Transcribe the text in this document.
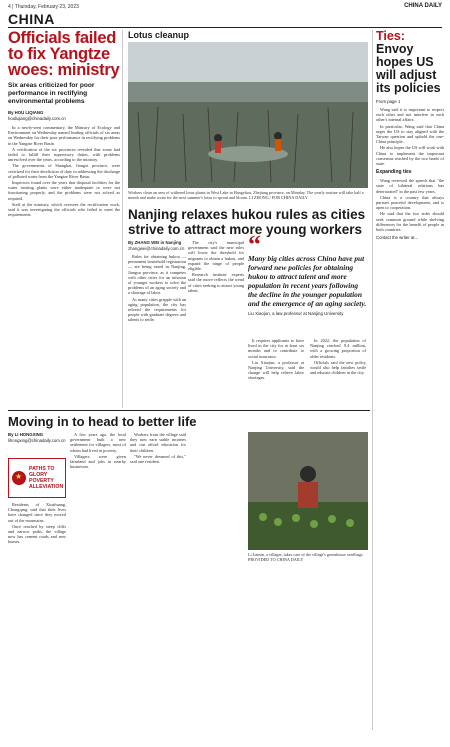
4 | Thursday, February 23, 2023	CHINA DAILY
CHINA
Officials failed to fix Yangtze woes: ministry
Six areas criticized for poor performance in rectifying environmental problems
By HOU LIQIANG
houliqiang@chinadaily.com.cn

In a newly-seen commentary, the Ministry of Ecology and Environment on Wednesday named leading officials of six areas on Wednesday for their poor performance in rectifying problems in the Yangtze River Basin.

A verification of the six provinces revealed that some had failed to fulfill their supervisory duties, with problems unresolved over the years, according to the ministry.

The governments of Shanghai, Jiangxi province, were criticized for their dereliction of duty in addressing the discharge of polluted water from the Yangtze River Basin.

Inspectors found over the years that disposal facilities for the water treating plants were either inadequate or were not functioning properly, and the problems were not solved as required.

Staff at the ministry, which oversees the rectification work, said it was investigating the officials who failed to meet the requirements.

Lotus cleanup
Workers clean an area of withered lotus plants in West Lake in Hangzhou, Zhejiang province, on Monday. The yearly routine will take half a month and make room for the next summer's lotus to sprout and bloom. LI ZHONG / FOR CHINA DAILY
Nanjing relaxes hukou rules as cities strive to attract more young workers
By ZHANG WEI in Nanjing
zhangwei@chinadaily.com.cn

Rules for obtaining hukou — permanent household registration — are being eased in Nanjing, Jiangsu province, as it competes with other cities for an infusion of younger workers to solve the problems of an aging society and a shortage of labor.

As many cities grapple with an aging population, the city has relaxed the requirements for people with graduate degrees and talents to settle.

The city's municipal government said the new rules will lower the threshold for migrants to obtain a hukou, and expand the range of people eligible.

Research institute experts said the move reflects the trend of cities seeking to attract young talent.

“
Many big cities across China have put forward new policies for obtaining hukou to attract talent and more population in recent years following the decline in the younger population and the emergence of an aging society.
Liu Xiaojun, a law professor at Nanjing University

It requires applicants to have lived in the city for at least six months and to contribute to social insurance.

Liu Xiaojun, a professor at Nanjing University, said the change will help relieve labor shortages.

In 2022, the population of Nanjing reached 9.4 million, with a growing proportion of older residents.

Officials said the new policy would also help families settle and educate children in the city.

Ties: Envoy hopes US will adjust its policies
From page 1

Wang said it is important to respect each other and not interfere in each other's internal affairs.

In particular, Wang said that China urges the US to stay aligned with the Taiwan question and uphold the one-China principle.

He also hopes the US will work with China to implement the important consensus reached by the two heads of state.

Expanding ties

Wang reviewed the speech that "the state of bilateral relations has deteriorated" in the past few years.

China is a country that always pursues peaceful development, and is open to cooperation.

He said that the two sides should seek common ground while shelving differences for the benefit of people in both countries.

Contact the writer at...
Moving in to head to better life
By LI HONGXING
lihongxing@chinadaily.com.cn
★
PATHS TO GLORY POVERTY ALLEVIATION

Residents of Xiuzhuang, Chongqing, said that their lives have changed since they moved out of the mountains.

Once reached by steep cliffs and narrow paths, the village now has cement roads and new homes.

A few years ago, the local government built a new settlement for villagers, most of whom had lived in poverty.

Villagers were given farmland and jobs in nearby businesses.

Workers from the village said they now earn stable incomes and can afford education for their children.

"We never dreamed of this," said one resident.

Li Jiamin, a villager, takes care of the village's greenhouse seedlings. PROVIDED TO CHINA DAILY
